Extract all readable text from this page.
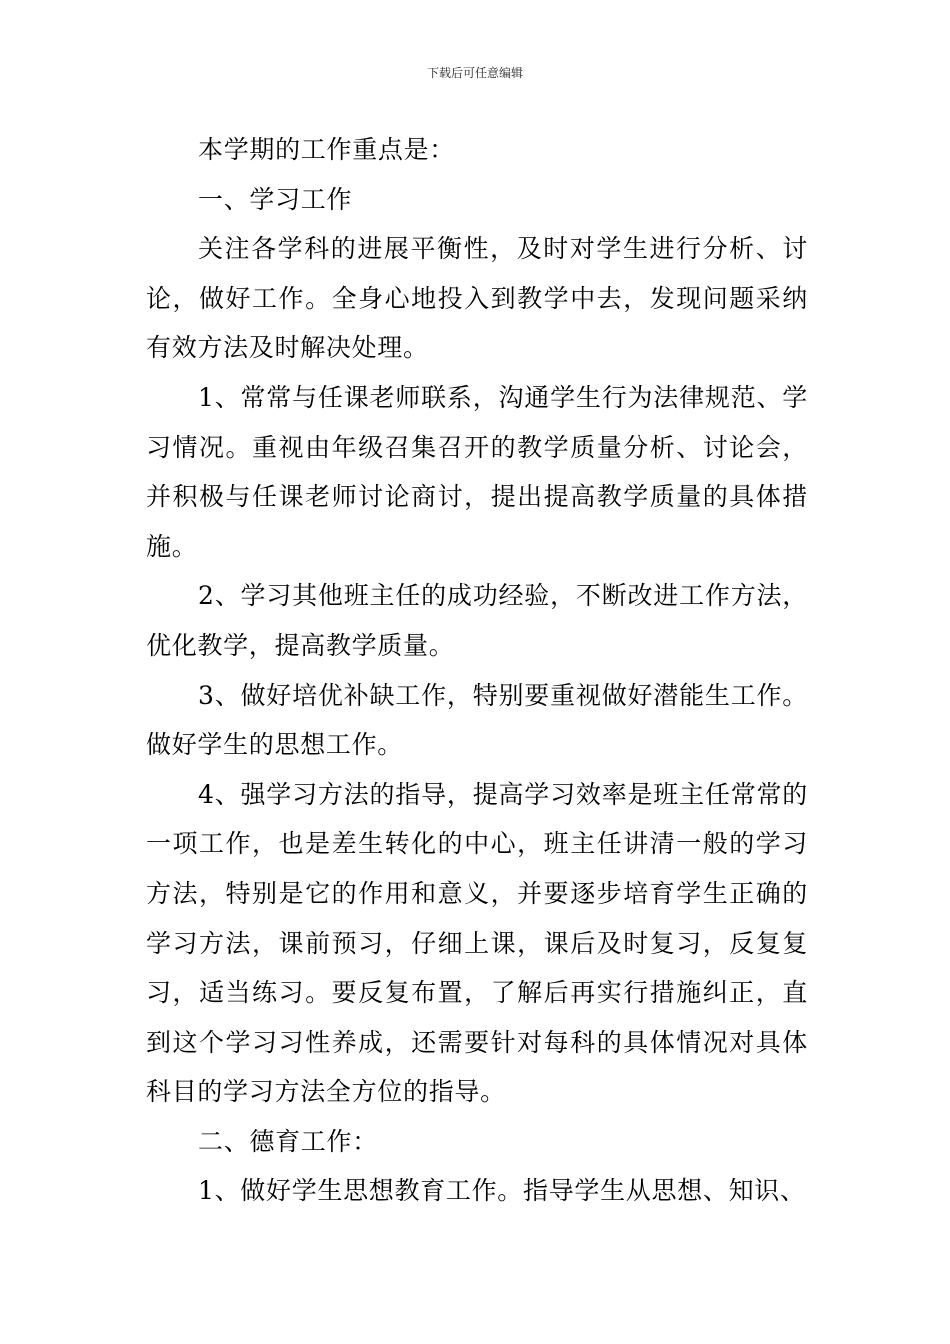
下载后可任意编辑

本学期的工作重点是：

一、学习工作

关注各学科的进展平衡性，及时对学生进行分析、讨论，做好工作。全身心地投入到教学中去，发现问题采纳有效方法及时解决处理。

1、常常与任课老师联系，沟通学生行为法律规范、学习情况。重视由年级召集召开的教学质量分析、讨论会，并积极与任课老师讨论商讨，提出提高教学质量的具体措施。

2、学习其他班主任的成功经验，不断改进工作方法，优化教学，提高教学质量。

3、做好培优补缺工作，特别要重视做好潜能生工作。做好学生的思想工作。

4、强学习方法的指导，提高学习效率是班主任常常的一项工作，也是差生转化的中心，班主任讲清一般的学习方法，特别是它的作用和意义，并要逐步培育学生正确的学习方法，课前预习，仔细上课，课后及时复习，反复复习，适当练习。要反复布置，了解后再实行措施纠正，直到这个学习习性养成，还需要针对每科的具体情况对具体科目的学习方法全方位的指导。

二、德育工作：

1、做好学生思想教育工作。指导学生从思想、知识、
